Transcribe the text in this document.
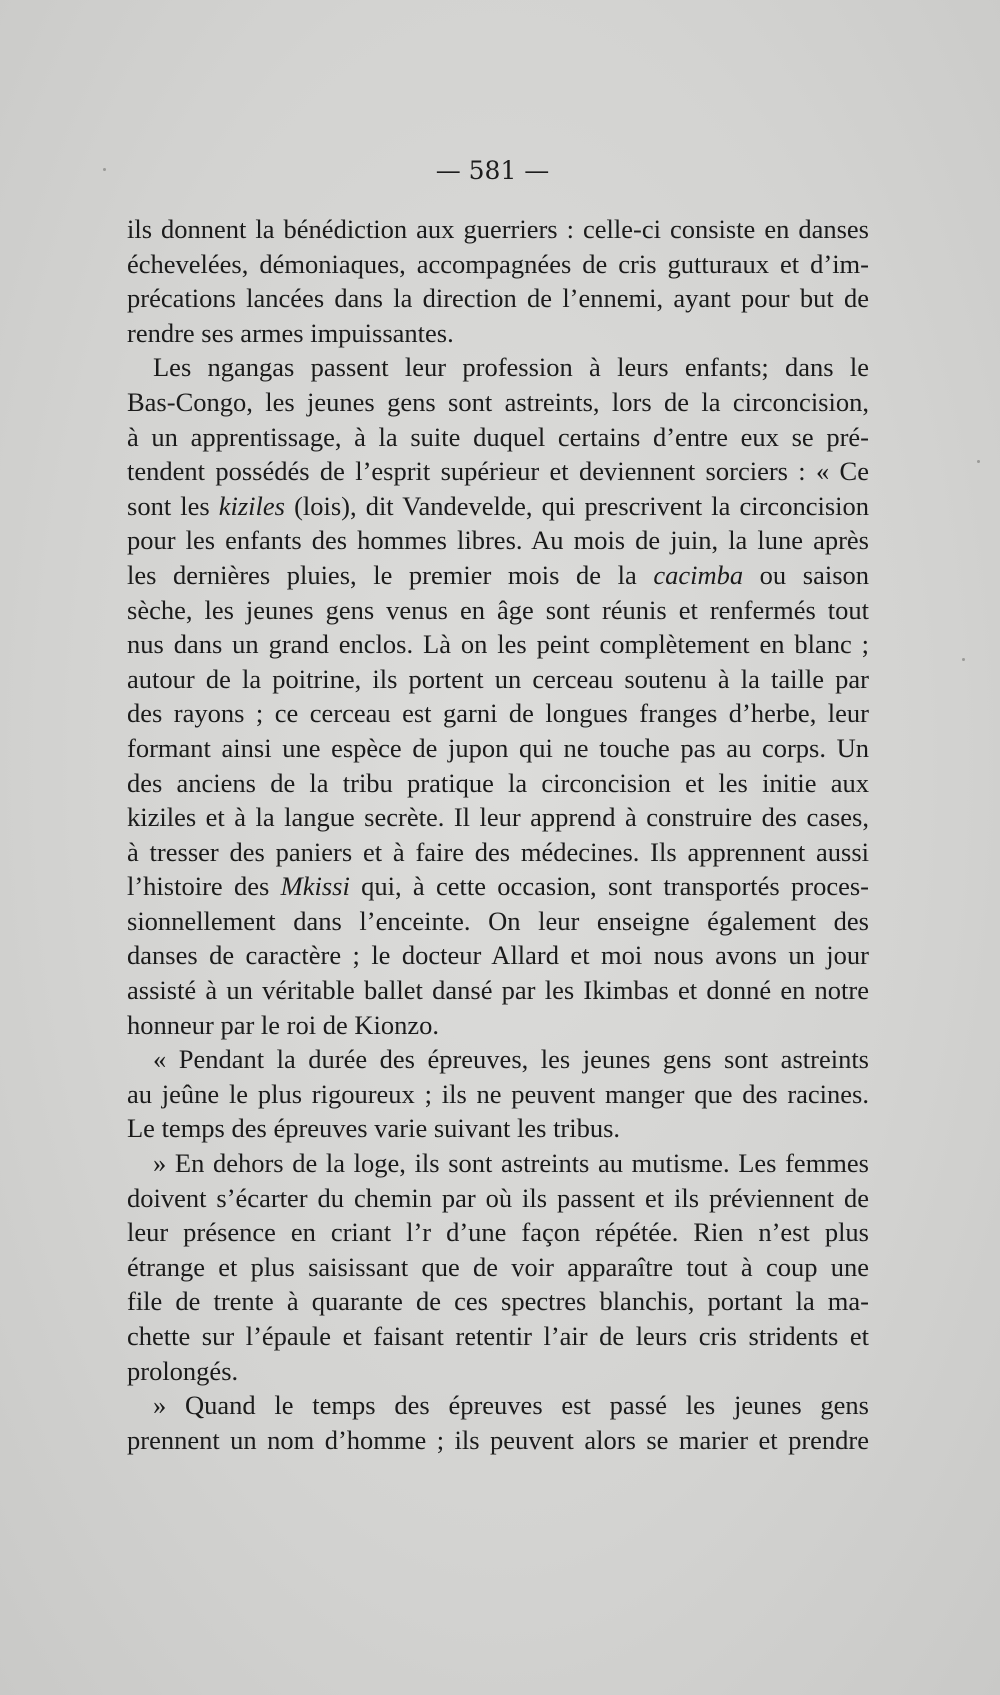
— 581 —
ils donnent la bénédiction aux guerriers : celle-ci consiste en danses
échevelées, démoniaques, accompagnées de cris gutturaux et d’im-
précations lancées dans la direction de l’ennemi, ayant pour but de
rendre ses armes impuissantes.
Les ngangas passent leur profession à leurs enfants; dans le
Bas-Congo, les jeunes gens sont astreints, lors de la circoncision,
à un apprentissage, à la suite duquel certains d’entre eux se pré-
tendent possédés de l’esprit supérieur et deviennent sorciers : « Ce
sont les kiziles (lois), dit Vandevelde, qui prescrivent la circoncision
pour les enfants des hommes libres. Au mois de juin, la lune après
les dernières pluies, le premier mois de la cacimba ou saison
sèche, les jeunes gens venus en âge sont réunis et renfermés tout
nus dans un grand enclos. Là on les peint complètement en blanc ;
autour de la poitrine, ils portent un cerceau soutenu à la taille par
des rayons ; ce cerceau est garni de longues franges d’herbe, leur
formant ainsi une espèce de jupon qui ne touche pas au corps. Un
des anciens de la tribu pratique la circoncision et les initie aux
kiziles et à la langue secrète. Il leur apprend à construire des cases,
à tresser des paniers et à faire des médecines. Ils apprennent aussi
l’histoire des Mkissi qui, à cette occasion, sont transportés proces-
sionnellement dans l’enceinte. On leur enseigne également des
danses de caractère ; le docteur Allard et moi nous avons un jour
assisté à un véritable ballet dansé par les Ikimbas et donné en notre
honneur par le roi de Kionzo.
« Pendant la durée des épreuves, les jeunes gens sont astreints
au jeûne le plus rigoureux ; ils ne peuvent manger que des racines.
Le temps des épreuves varie suivant les tribus.
» En dehors de la loge, ils sont astreints au mutisme. Les femmes
doivent s’écarter du chemin par où ils passent et ils préviennent de
leur présence en criant l’r d’une façon répétée. Rien n’est plus
étrange et plus saisissant que de voir apparaître tout à coup une
file de trente à quarante de ces spectres blanchis, portant la ma-
chette sur l’épaule et faisant retentir l’air de leurs cris stridents et
prolongés.
» Quand le temps des épreuves est passé les jeunes gens
prennent un nom d’homme ; ils peuvent alors se marier et prendre
